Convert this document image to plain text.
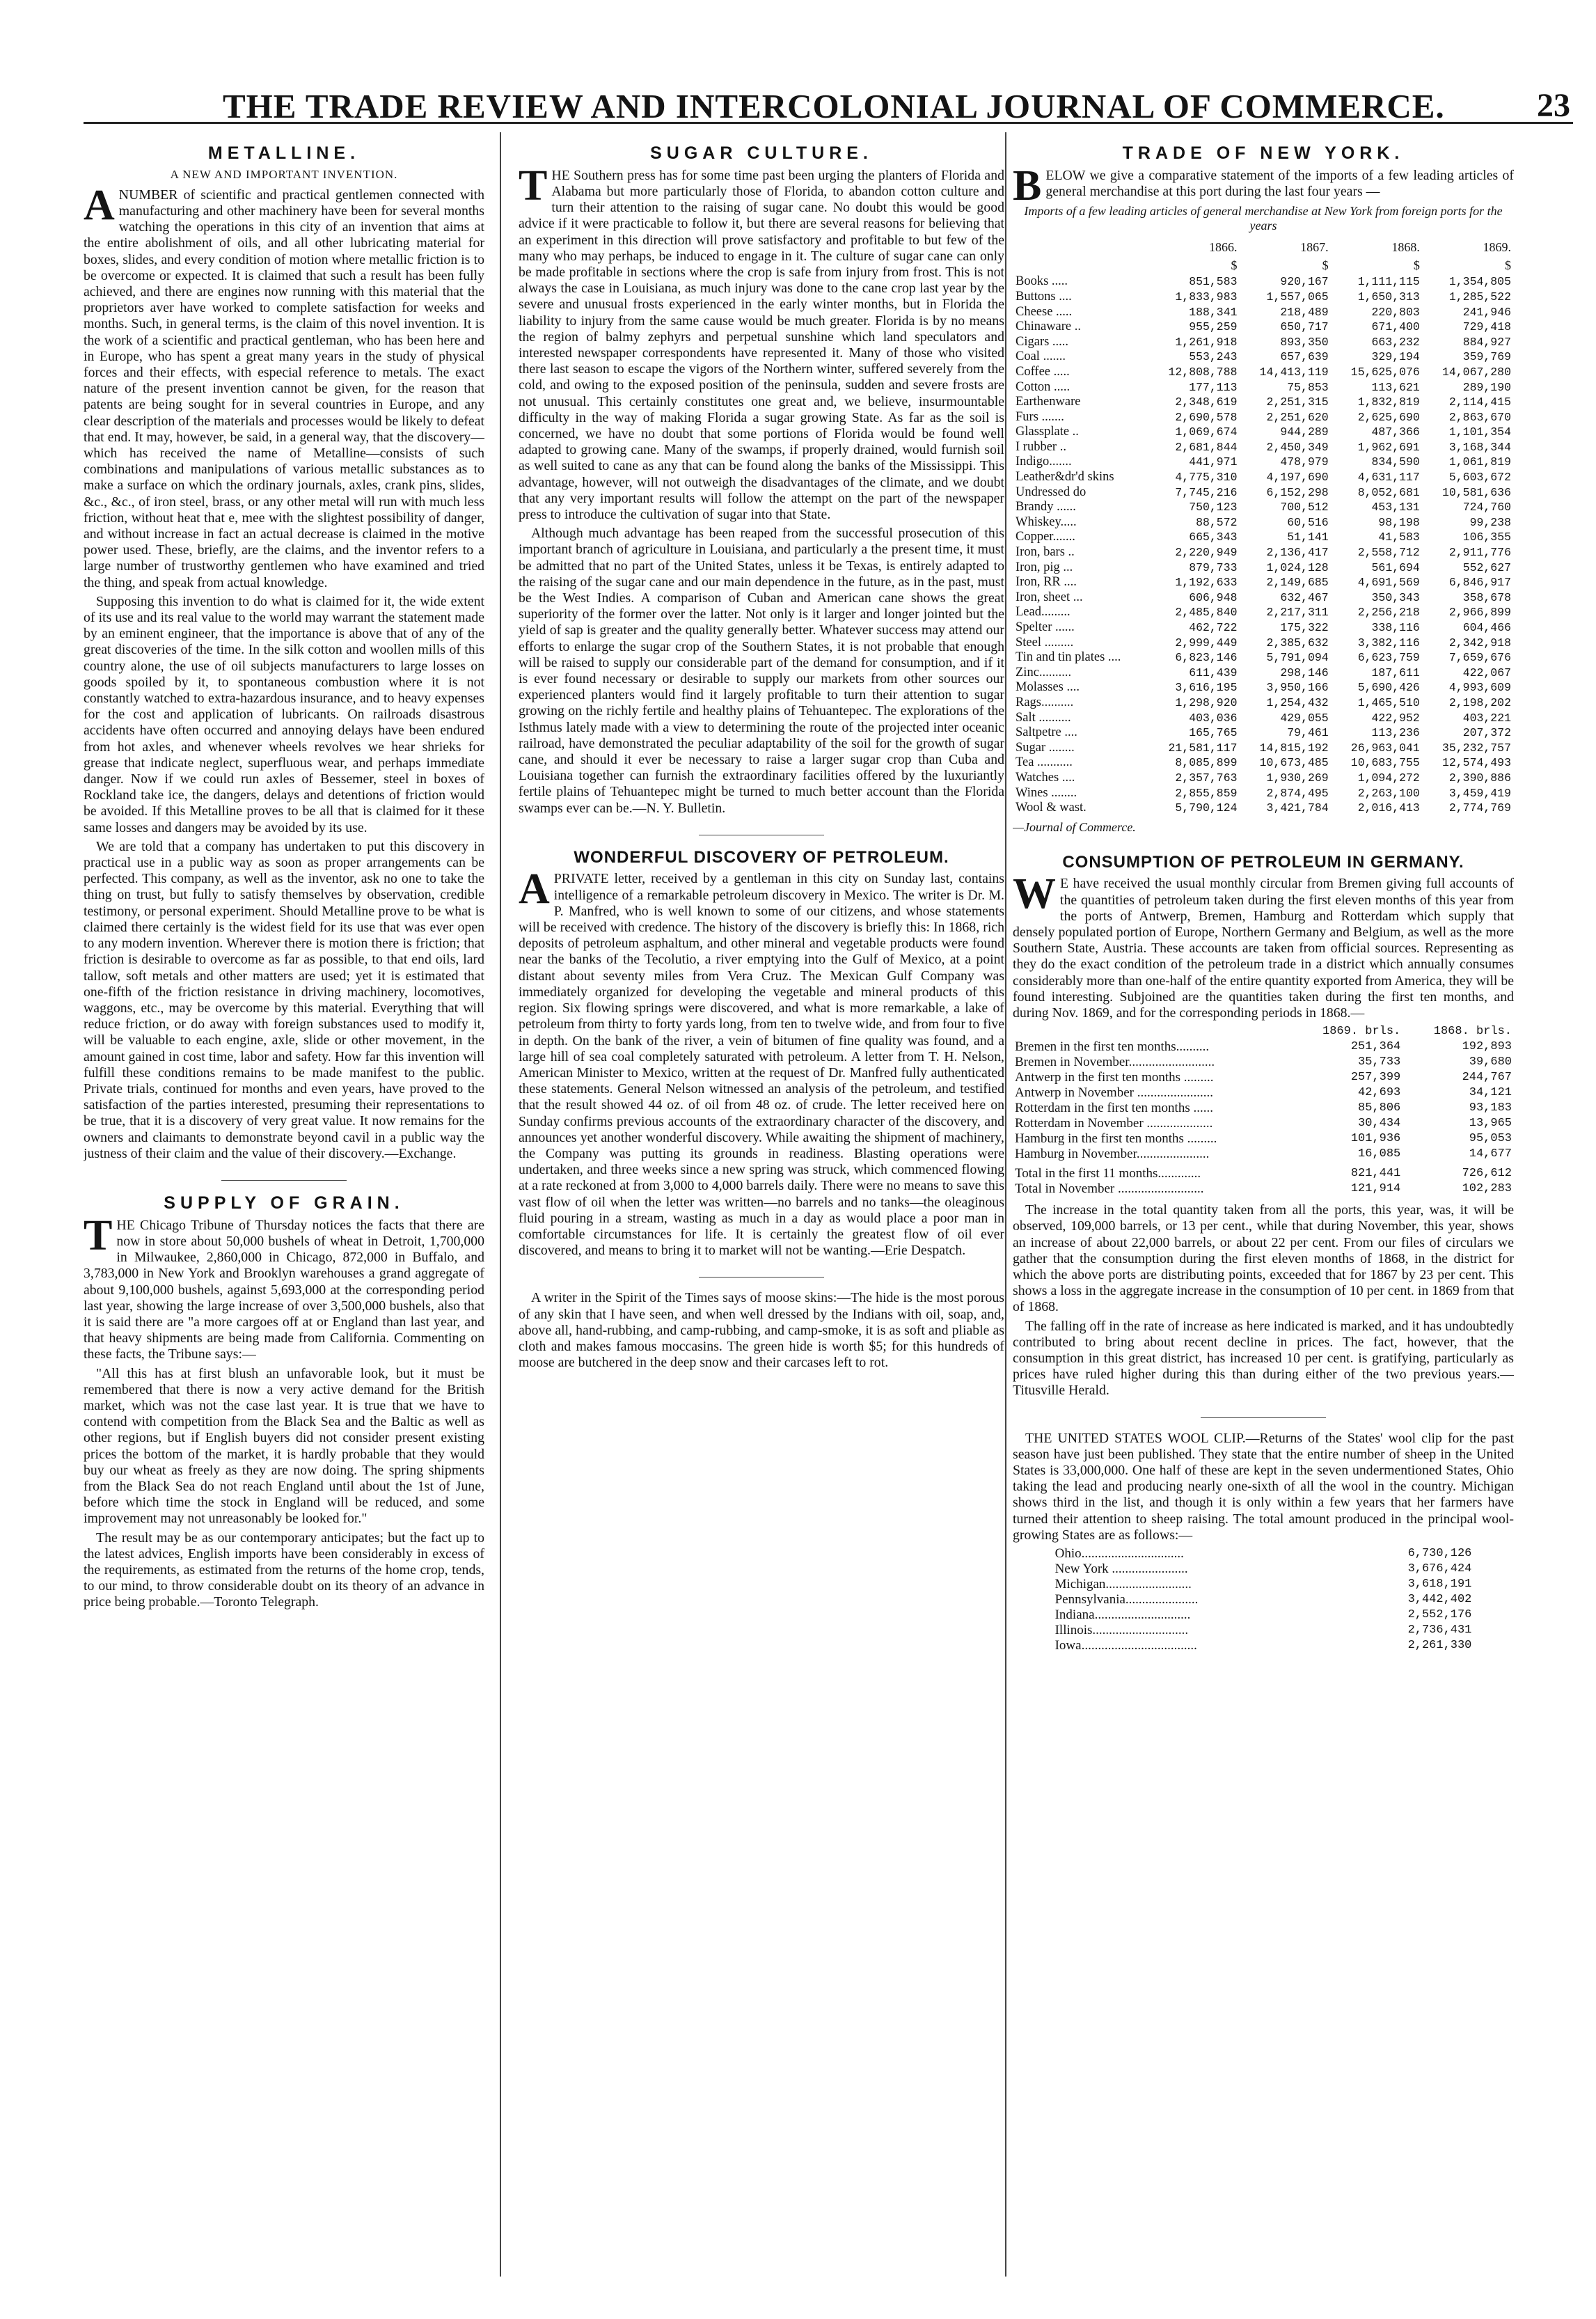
THE TRADE REVIEW AND INTERCOLONIAL JOURNAL OF COMMERCE.	23
METALLINE.
A NEW AND IMPORTANT INVENTION.

ANUMBER of scientific and practical gentlemen connected with manufacturing and other machinery have been for several months watching the operations in this city of an invention that aims at the entire abolishment of oils, and all other lubricating material for boxes, slides, and every condition of motion where metallic friction is to be overcome or expected. It is claimed that such a result has been fully achieved, and there are engines now running with this material that the proprietors aver have worked to complete satisfaction for weeks and months. Such, in general terms, is the claim of this novel invention. It is the work of a scientific and practical gentleman, who has been here and in Europe, who has spent a great many years in the study of physical forces and their effects, with especial reference to metals. The exact nature of the present invention cannot be given, for the reason that patents are being sought for in several countries in Europe, and any clear description of the materials and processes would be likely to defeat that end. It may, however, be said, in a general way, that the discovery—which has received the name of Metalline—consists of such combinations and manipulations of various metallic substances as to make a surface on which the ordinary journals, axles, crank pins, slides, &c., &c., of iron steel, brass, or any other metal will run with much less friction, without heat that e, mee with the slightest possibility of danger, and without increase in fact an actual decrease is claimed in the motive power used. These, briefly, are the claims, and the inventor refers to a large number of trustworthy gentlemen who have examined and tried the thing, and speak from actual knowledge.

Supposing this invention to do what is claimed for it, the wide extent of its use and its real value to the world may warrant the statement made by an eminent engineer, that the importance is above that of any of the great discoveries of the time. In the silk cotton and woollen mills of this country alone, the use of oil subjects manufacturers to large losses on goods spoiled by it, to spontaneous combustion where it is not constantly watched to extra-hazardous insurance, and to heavy expenses for the cost and application of lubricants. On railroads disastrous accidents have often occurred and annoying delays have been endured from hot axles, and whenever wheels revolves we hear shrieks for grease that indicate neglect, superfluous wear, and perhaps immediate danger. Now if we could run axles of Bessemer, steel in boxes of Rockland take ice, the dangers, delays and detentions of friction would be avoided. If this Metalline proves to be all that is claimed for it these same losses and dangers may be avoided by its use.

We are told that a company has undertaken to put this discovery in practical use in a public way as soon as proper arrangements can be perfected. This company, as well as the inventor, ask no one to take the thing on trust, but fully to satisfy themselves by observation, credible testimony, or personal experiment. Should Metalline prove to be what is claimed there certainly is the widest field for its use that was ever open to any modern invention. Wherever there is motion there is friction; that friction is desirable to overcome as far as possible, to that end oils, lard tallow, soft metals and other matters are used; yet it is estimated that one-fifth of the friction resistance in driving machinery, locomotives, waggons, etc., may be overcome by this material. Everything that will reduce friction, or do away with foreign substances used to modify it, will be valuable to each engine, axle, slide or other movement, in the amount gained in cost time, labor and safety. How far this invention will fulfill these conditions remains to be made manifest to the public. Private trials, continued for months and even years, have proved to the satisfaction of the parties interested, presuming their representations to be true, that it is a discovery of very great value. It now remains for the owners and claimants to demonstrate beyond cavil in a public way the justness of their claim and the value of their discovery.—Exchange.

SUPPLY OF GRAIN.

THE Chicago Tribune of Thursday notices the facts that there are now in store about 50,000 bushels of wheat in Detroit, 1,700,000 in Milwaukee, 2,860,000 in Chicago, 872,000 in Buffalo, and 3,783,000 in New York and Brooklyn warehouses a grand aggregate of about 9,100,000 bushels, against 5,693,000 at the corresponding period last year, showing the large increase of over 3,500,000 bushels, also that it is said there are "a more cargoes off at or England than last year, and that heavy shipments are being made from California. Commenting on these facts, the Tribune says:—

"All this has at first blush an unfavorable look, but it must be remembered that there is now a very active demand for the British market, which was not the case last year. It is true that we have to contend with competition from the Black Sea and the Baltic as well as other regions, but if English buyers did not consider present existing prices the bottom of the market, it is hardly probable that they would buy our wheat as freely as they are now doing. The spring shipments from the Black Sea do not reach England until about the 1st of June, before which time the stock in England will be reduced, and some improvement may not unreasonably be looked for."

The result may be as our contemporary anticipates; but the fact up to the latest advices, English imports have been considerably in excess of the requirements, as estimated from the returns of the home crop, tends, to our mind, to throw considerable doubt on its theory of an advance in price being probable.—Toronto Telegraph.

SUGAR CULTURE.

THE Southern press has for some time past been urging the planters of Florida and Alabama but more particularly those of Florida, to abandon cotton culture and turn their attention to the raising of sugar cane. No doubt this would be good advice if it were practicable to follow it, but there are several reasons for believing that an experiment in this direction will prove satisfactory and profitable to but few of the many who may perhaps, be induced to engage in it. The culture of sugar cane can only be made profitable in sections where the crop is safe from injury from frost. This is not always the case in Louisiana, as much injury was done to the cane crop last year by the severe and unusual frosts experienced in the early winter months, but in Florida the liability to injury from the same cause would be much greater. Florida is by no means the region of balmy zephyrs and perpetual sunshine which land speculators and interested newspaper correspondents have represented it. Many of those who visited there last season to escape the vigors of the Northern winter, suffered severely from the cold, and owing to the exposed position of the peninsula, sudden and severe frosts are not unusual. This certainly constitutes one great and, we believe, insurmountable difficulty in the way of making Florida a sugar growing State. As far as the soil is concerned, we have no doubt that some portions of Florida would be found well adapted to growing cane. Many of the swamps, if properly drained, would furnish soil as well suited to cane as any that can be found along the banks of the Mississippi. This advantage, however, will not outweigh the disadvantages of the climate, and we doubt that any very important results will follow the attempt on the part of the newspaper press to introduce the cultivation of sugar into that State.

Although much advantage has been reaped from the successful prosecution of this important branch of agriculture in Louisiana, and particularly a the present time, it must be admitted that no part of the United States, unless it be Texas, is entirely adapted to the raising of the sugar cane and our main dependence in the future, as in the past, must be the West Indies. A comparison of Cuban and American cane shows the great superiority of the former over the latter. Not only is it larger and longer jointed but the yield of sap is greater and the quality generally better. Whatever success may attend our efforts to enlarge the sugar crop of the Southern States, it is not probable that enough will be raised to supply our considerable part of the demand for consumption, and if it is ever found necessary or desirable to supply our markets from other sources our experienced planters would find it largely profitable to turn their attention to sugar growing on the richly fertile and healthy plains of Tehuantepec. The explorations of the Isthmus lately made with a view to determining the route of the projected inter oceanic railroad, have demonstrated the peculiar adaptability of the soil for the growth of sugar cane, and should it ever be necessary to raise a larger sugar crop than Cuba and Louisiana together can furnish the extraordinary facilities offered by the luxuriantly fertile plains of Tehuantepec might be turned to much better account than the Florida swamps ever can be.—N. Y. Bulletin.

WONDERFUL DISCOVERY OF PETROLEUM.

APRIVATE letter, received by a gentleman in this city on Sunday last, contains intelligence of a remarkable petroleum discovery in Mexico. The writer is Dr. M. P. Manfred, who is well known to some of our citizens, and whose statements will be received with credence. The history of the discovery is briefly this: In 1868, rich deposits of petroleum asphaltum, and other mineral and vegetable products were found near the banks of the Tecolutio, a river emptying into the Gulf of Mexico, at a point distant about seventy miles from Vera Cruz. The Mexican Gulf Company was immediately organized for developing the vegetable and mineral products of this region. Six flowing springs were discovered, and what is more remarkable, a lake of petroleum from thirty to forty yards long, from ten to twelve wide, and from four to five in depth. On the bank of the river, a vein of bitumen of fine quality was found, and a large hill of sea coal completely saturated with petroleum. A letter from T. H. Nelson, American Minister to Mexico, written at the request of Dr. Manfred fully authenticated these statements. General Nelson witnessed an analysis of the petroleum, and testified that the result showed 44 oz. of oil from 48 oz. of crude. The letter received here on Sunday confirms previous accounts of the extraordinary character of the discovery, and announces yet another wonderful discovery. While awaiting the shipment of machinery, the Company was putting its grounds in readiness. Blasting operations were undertaken, and three weeks since a new spring was struck, which commenced flowing at a rate reckoned at from 3,000 to 4,000 barrels daily. There were no means to save this vast flow of oil when the letter was written—no barrels and no tanks—the oleaginous fluid pouring in a stream, wasting as much in a day as would place a poor man in comfortable circumstances for life. It is certainly the greatest flow of oil ever discovered, and means to bring it to market will not be wanting.—Erie Despatch.

A writer in the Spirit of the Times says of moose skins:—The hide is the most porous of any skin that I have seen, and when well dressed by the Indians with oil, soap, and, above all, hand-rubbing, and camp-rubbing, and camp-smoke, it is as soft and pliable as cloth and makes famous moccasins. The green hide is worth $5; for this hundreds of moose are butchered in the deep snow and their carcases left to rot.

TRADE OF NEW YORK.

BELOW we give a comparative statement of the imports of a few leading articles of general merchandise at this port during the last four years —

Imports of a few leading articles of general merchandise at New York from foreign ports for the years
	1866.	1867.	1868.	1869.
	$	$	$	$
Books .....	851,583	920,167	1,111,115	1,354,805
Buttons ....	1,833,983	1,557,065	1,650,313	1,285,522
Cheese .....	188,341	218,489	220,803	241,946
Chinaware ..	955,259	650,717	671,400	729,418
Cigars .....	1,261,918	893,350	663,232	884,927
Coal .......	553,243	657,639	329,194	359,769
Coffee .....	12,808,788	14,413,119	15,625,076	14,067,280
Cotton .....	177,113	75,853	113,621	289,190
Earthenware	2,348,619	2,251,315	1,832,819	2,114,415
Furs .......	2,690,578	2,251,620	2,625,690	2,863,670
Glassplate ..	1,069,674	944,289	487,366	1,101,354
I rubber ..	2,681,844	2,450,349	1,962,691	3,168,344
Indigo.......	441,971	478,979	834,590	1,061,819
Leather&dr'd skins	4,775,310	4,197,690	4,631,117	5,603,672
Undressed do	7,745,216	6,152,298	8,052,681	10,581,636
Brandy ......	750,123	700,512	453,131	724,760
Whiskey.....	88,572	60,516	98,198	99,238
Copper.......	665,343	51,141	41,583	106,355
Iron, bars ..	2,220,949	2,136,417	2,558,712	2,911,776
Iron, pig ...	879,733	1,024,128	561,694	552,627
Iron, RR ....	1,192,633	2,149,685	4,691,569	6,846,917
Iron, sheet ...	606,948	632,467	350,343	358,678
Lead.........	2,485,840	2,217,311	2,256,218	2,966,899
Spelter ......	462,722	175,322	338,116	604,466
Steel .........	2,999,449	2,385,632	3,382,116	2,342,918
Tin and tin plates ....	6,823,146	5,791,094	6,623,759	7,659,676
Zinc..........	611,439	298,146	187,611	422,067
Molasses ....	3,616,195	3,950,166	5,690,426	4,993,609
Rags..........	1,298,920	1,254,432	1,465,510	2,198,202
Salt ..........	403,036	429,055	422,952	403,221
Saltpetre ....	165,765	79,461	113,236	207,372
Sugar ........	21,581,117	14,815,192	26,963,041	35,232,757
Tea ...........	8,085,899	10,673,485	10,683,755	12,574,493
Watches ....	2,357,763	1,930,269	1,094,272	2,390,886
Wines ........	2,855,859	2,874,495	2,263,100	3,459,419
Wool & wast.	5,790,124	3,421,784	2,016,413	2,774,769
—Journal of Commerce.
CONSUMPTION OF PETROLEUM IN GERMANY.

WE have received the usual monthly circular from Bremen giving full accounts of the quantities of petroleum taken during the first eleven months of this year from the ports of Antwerp, Bremen, Hamburg and Rotterdam which supply that densely populated portion of Europe, Northern Germany and Belgium, as well as the more Southern State, Austria. These accounts are taken from official sources. Representing as they do the exact condition of the petroleum trade in a district which annually consumes considerably more than one-half of the entire quantity exported from America, they will be found interesting. Subjoined are the quantities taken during the first ten months, and during Nov. 1869, and for the corresponding periods in 1868.—

	1869. brls.	1868. brls.
Bremen in the first ten months..........	251,364	192,893
Bremen in November..........................	35,733	39,680
Antwerp in the first ten months .........	257,399	244,767
Antwerp in November .......................	42,693	34,121
Rotterdam in the first ten months ......	85,806	93,183
Rotterdam in November ....................	30,434	13,965
Hamburg in the first ten months .........	101,936	95,053
Hamburg in November......................	16,085	14,677
Total in the first 11 months.............	821,441	726,612
Total in November ..........................	121,914	102,283

The increase in the total quantity taken from all the ports, this year, was, it will be observed, 109,000 barrels, or 13 per cent., while that during November, this year, shows an increase of about 22,000 barrels, or about 22 per cent. From our files of circulars we gather that the consumption during the first eleven months of 1868, in the district for which the above ports are distributing points, exceeded that for 1867 by 23 per cent. This shows a loss in the aggregate increase in the consumption of 10 per cent. in 1869 from that of 1868.

The falling off in the rate of increase as here indicated is marked, and it has undoubtedly contributed to bring about recent decline in prices. The fact, however, that the consumption in this great district, has increased 10 per cent. is gratifying, particularly as prices have ruled higher during this than during either of the two previous years.—Titusville Herald.

THE UNITED STATES WOOL CLIP.—Returns of the States' wool clip for the past season have just been published. They state that the entire number of sheep in the United States is 33,000,000. One half of these are kept in the seven undermentioned States, Ohio taking the lead and producing nearly one-sixth of all the wool in the country. Michigan shows third in the list, and though it is only within a few years that her farmers have turned their attention to sheep raising. The total amount produced in the principal wool-growing States are as follows:—

Ohio...............................	6,730,126
New York .......................	3,676,424
Michigan..........................	3,618,191
Pennsylvania......................	3,442,402
Indiana.............................	2,552,176
Illinois.............................	2,736,431
Iowa...................................	2,261,330
